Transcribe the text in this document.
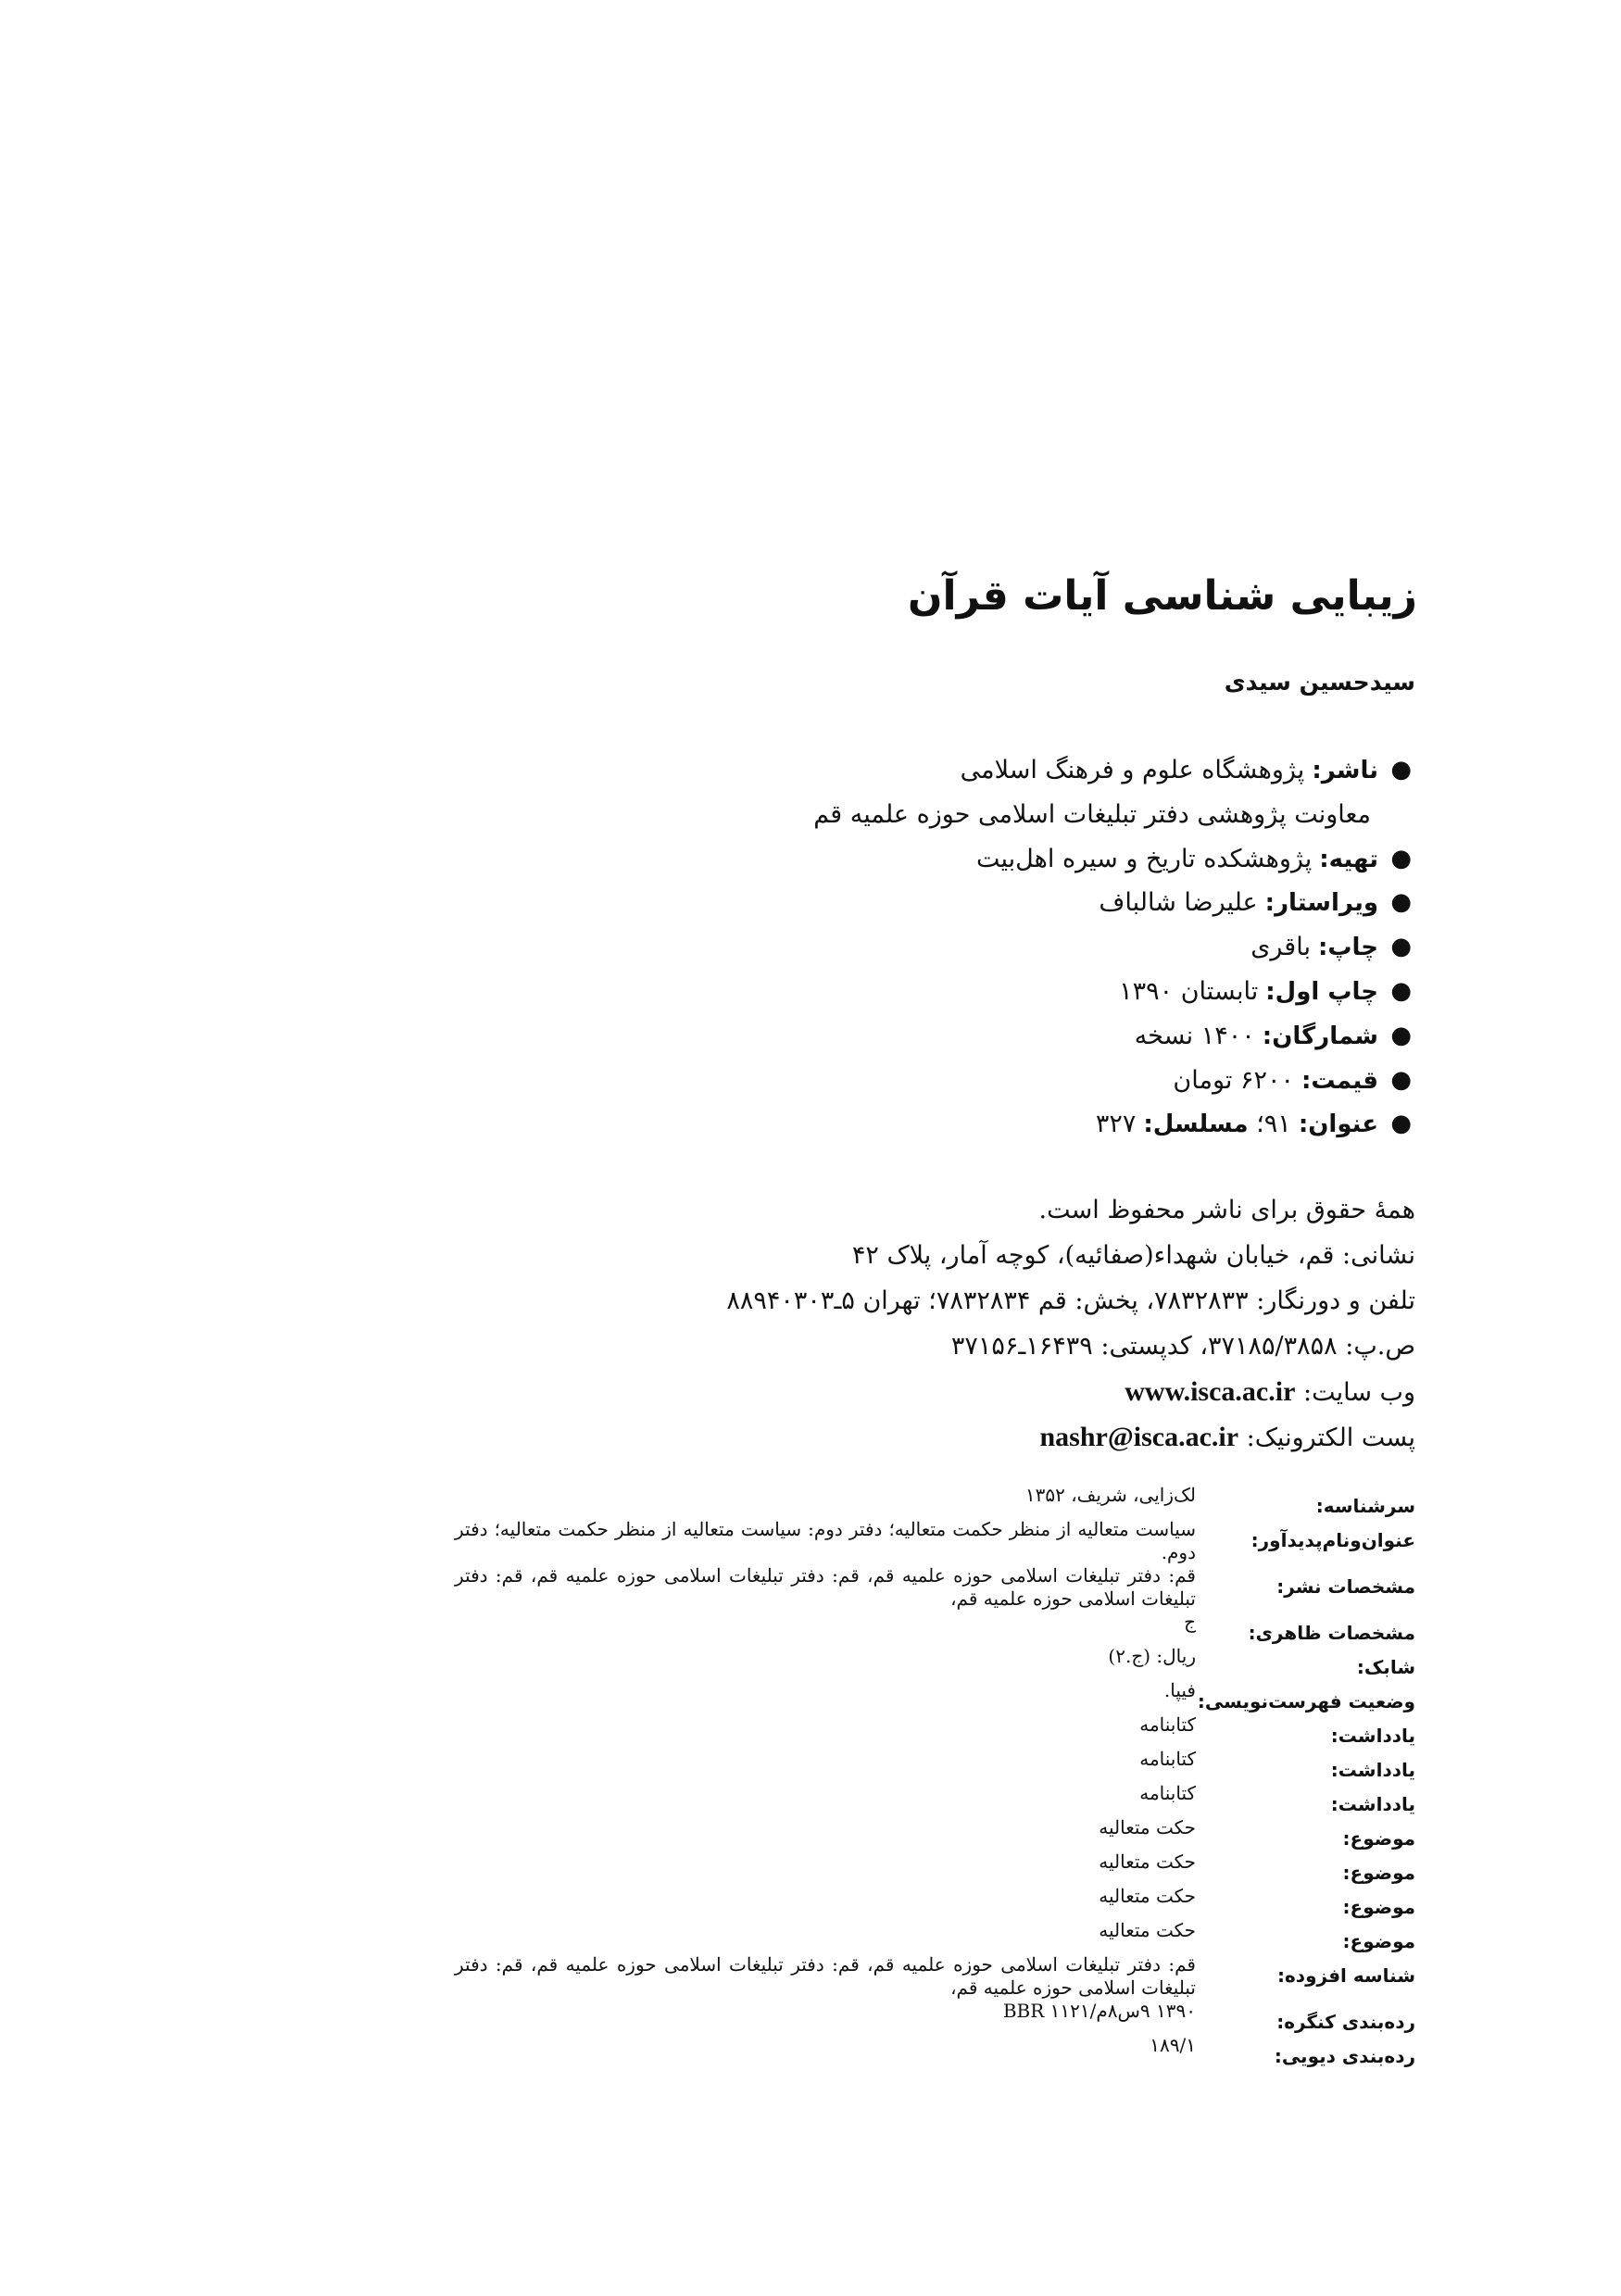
زیبایی شناسی آیات قرآن
سیدحسین سیدی
●
ناشر:پژوهشگاه علوم و فرهنگ اسلامی
معاونت پژوهشی دفتر تبلیغات اسلامی حوزه علمیه قم
●
تهیه:پژوهشکده تاریخ و سیره اهل‌بیت
●
ویراستار:علیرضا شالباف
●
چاپ:باقری
●
چاپ اول:تابستان ۱۳۹۰
●
شمارگان:۱۴۰۰ نسخه
●
قیمت:۶۲۰۰ تومان
●
عنوان:۹۱؛ مسلسل:۳۲۷
همهٔ حقوق برای ناشر محفوظ است.
نشانی: قم، خیابان شهداء(صفائیه)، کوچه آمار، پلاک ۴۲
تلفن و دورنگار: ۷۸۳۲۸۳۳، پخش: قم ۷۸۳۲۸۳۴؛ تهران ۵ـ۸۸۹۴۰۳۰۳
ص.پ: ۳۷۱۸۵/۳۸۵۸، کدپستی: ۱۶۴۳۹ـ۳۷۱۵۶
وب سایت: www.isca.ac.ir
پست الکترونیک: nashr@isca.ac.ir
سرشناسه:
لک‌زایی، شریف، ۱۳۵۲
عنوان‌ونام‌پدیدآور:
سیاست متعالیه از منظر حکمت متعالیه؛ دفتر دوم: سیاست متعالیه از منظر حکمت متعالیه؛ دفتر دوم.
مشخصات نشر:
قم: دفتر تبلیغات اسلامی حوزه علمیه قم، قم: دفتر تبلیغات اسلامی حوزه علمیه قم، قم: دفتر تبلیغات اسلامی حوزه علمیه قم،
مشخصات ظاهری:
ج
شابک:
ریال: (ج.۲)
وضعیت فهرست‌نویسی:
فیپا.
یادداشت:
کتابنامه
یادداشت:
کتابنامه
یادداشت:
کتابنامه
موضوع:
حکت متعالیه
موضوع:
حکت متعالیه
موضوع:
حکت متعالیه
موضوع:
حکت متعالیه
شناسه افزوده:
قم: دفتر تبلیغات اسلامی حوزه علمیه قم، قم: دفتر تبلیغات اسلامی حوزه علمیه قم، قم: دفتر تبلیغات اسلامی حوزه علمیه قم،
رده‌بندی کنگره:
۱۳۹۰ ۹س۸م/۱۱۲۱ BBR
رده‌بندی دیویی:
۱۸۹/۱
